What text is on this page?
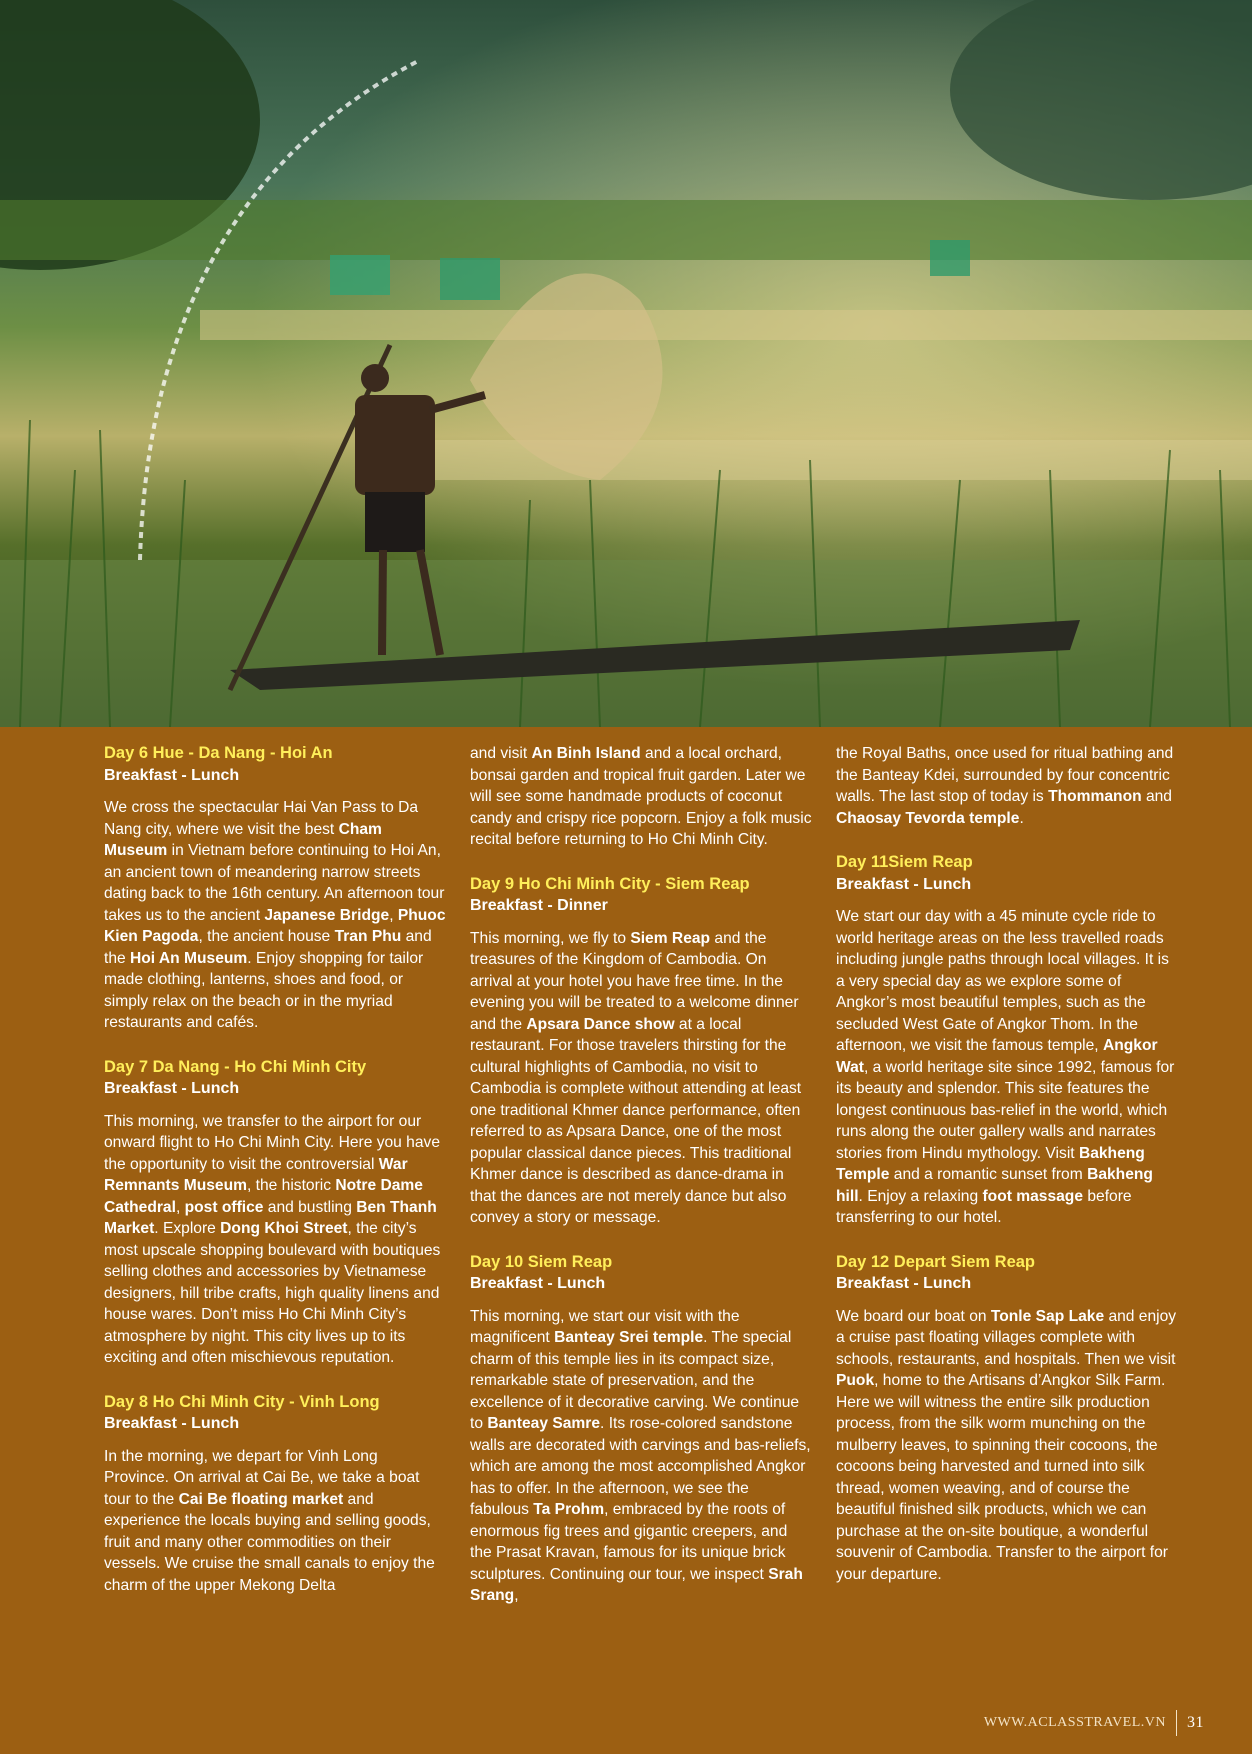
Day 6 Hue - Da Nang - Hoi An
Breakfast - Lunch

We cross the spectacular Hai Van Pass to Da Nang city, where we visit the best Cham Museum in Vietnam before continuing to Hoi An, an ancient town of meandering narrow streets dating back to the 16th century. An afternoon tour takes us to the ancient Japanese Bridge, Phuoc Kien Pagoda, the ancient house Tran Phu and the Hoi An Museum. Enjoy shopping for tailor made clothing, lanterns, shoes and food, or simply relax on the beach or in the myriad restaurants and cafés.

Day 7 Da Nang - Ho Chi Minh City
Breakfast - Lunch

This morning, we transfer to the airport for our onward flight to Ho Chi Minh City. Here you have the opportunity to visit the controversial War Remnants Museum, the historic Notre Dame Cathedral, post office and bustling Ben Thanh Market. Explore Dong Khoi Street, the city’s most upscale shopping boulevard with boutiques selling clothes and accessories by Vietnamese designers, hill tribe crafts, high quality linens and house wares. Don’t miss Ho Chi Minh City’s atmosphere by night. This city lives up to its exciting and often mischievous reputation.

Day 8 Ho Chi Minh City - Vinh Long
Breakfast - Lunch

In the morning, we depart for Vinh Long Province. On arrival at Cai Be, we take a boat tour to the Cai Be floating market and experience the locals buying and selling goods, fruit and many other commodities on their vessels. We cruise the small canals to enjoy the charm of the upper Mekong Delta

and visit An Binh Island and a local orchard, bonsai garden and tropical fruit garden. Later we will see some handmade products of coconut candy and crispy rice popcorn. Enjoy a folk music recital before returning to Ho Chi Minh City.

Day 9 Ho Chi Minh City - Siem Reap
Breakfast - Dinner

This morning, we fly to Siem Reap and the treasures of the Kingdom of Cambodia. On arrival at your hotel you have free time. In the evening you will be treated to a welcome dinner and the Apsara Dance show at a local restaurant. For those travelers thirsting for the cultural highlights of Cambodia, no visit to Cambodia is complete without attending at least one traditional Khmer dance performance, often referred to as Apsara Dance, one of the most popular classical dance pieces. This traditional Khmer dance is described as dance-drama in that the dances are not merely dance but also convey a story or message.

Day 10 Siem Reap
Breakfast - Lunch

This morning, we start our visit with the magnificent Banteay Srei temple. The special charm of this temple lies in its compact size, remarkable state of preservation, and the excellence of it decorative carving. We continue to Banteay Samre. Its rose-colored sandstone walls are decorated with carvings and bas-reliefs, which are among the most accomplished Angkor has to offer. In the afternoon, we see the fabulous Ta Prohm, embraced by the roots of enormous fig trees and gigantic creepers, and the Prasat Kravan, famous for its unique brick sculptures. Continuing our tour, we inspect Srah Srang,

the Royal Baths, once used for ritual bathing and the Banteay Kdei, surrounded by four concentric walls. The last stop of today is Thommanon and Chaosay Tevorda temple.

Day 11Siem Reap
Breakfast - Lunch

We start our day with a 45 minute cycle ride to world heritage areas on the less travelled roads including jungle paths through local villages. It is a very special day as we explore some of Angkor’s most beautiful temples, such as the secluded West Gate of Angkor Thom. In the afternoon, we visit the famous temple, Angkor Wat, a world heritage site since 1992, famous for its beauty and splendor. This site features the longest continuous bas-relief in the world, which runs along the outer gallery walls and narrates stories from Hindu mythology. Visit Bakheng Temple and a romantic sunset from Bakheng hill. Enjoy a relaxing foot massage before transferring to our hotel.

Day 12 Depart Siem Reap
Breakfast - Lunch

We board our boat on Tonle Sap Lake and enjoy a cruise past floating villages complete with schools, restaurants, and hospitals. Then we visit Puok, home to the Artisans d’Angkor Silk Farm. Here we will witness the entire silk production process, from the silk worm munching on the mulberry leaves, to spinning their cocoons, the cocoons being harvested and turned into silk thread, women weaving, and of course the beautiful finished silk products, which we can purchase at the on-site boutique, a wonderful souvenir of Cambodia. Transfer to the airport for your departure.

WWW.ACLASSTRAVEL.VN 31
